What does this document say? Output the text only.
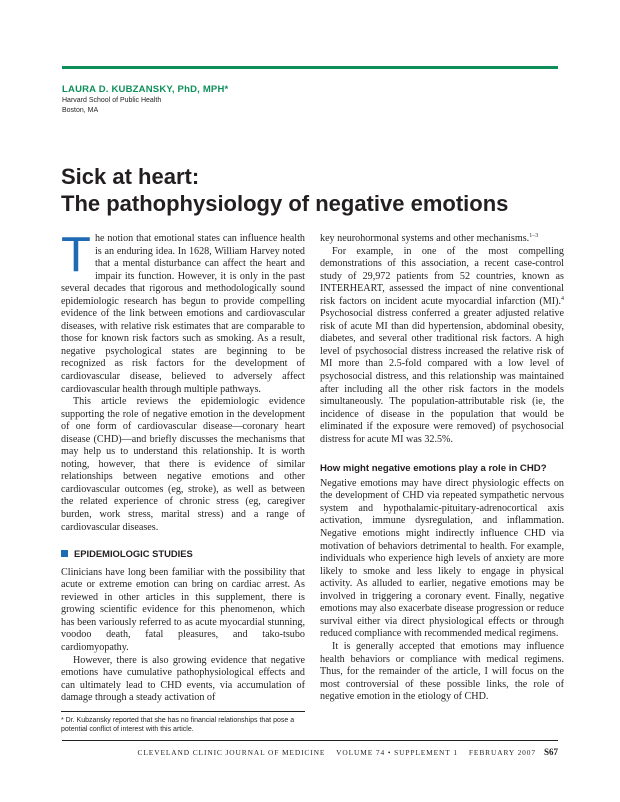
LAURA D. KUBZANSKY, PhD, MPH*
Harvard School of Public Health
Boston, MA
Sick at heart:
The pathophysiology of negative emotions

The notion that emotional states can influence health is an enduring idea. In 1628, William Harvey noted that a mental disturbance can affect the heart and impair its function. However, it is only in the past several decades that rigorous and methodologically sound epidemiologic research has begun to provide compelling evidence of the link between emotions and cardiovascular diseases, with relative risk estimates that are comparable to those for known risk factors such as smoking. As a result, negative psychological states are beginning to be recognized as risk factors for the development of cardiovascular disease, believed to adversely affect cardiovascular health through multiple pathways.

This article reviews the epidemiologic evidence supporting the role of negative emotion in the development of one form of cardiovascular disease—coronary heart disease (CHD)—and briefly discusses the mechanisms that may help us to understand this relationship. It is worth noting, however, that there is evidence of similar relationships between negative emotions and other cardiovascular outcomes (eg, stroke), as well as between the related experience of chronic stress (eg, caregiver burden, work stress, marital stress) and a range of cardiovascular diseases.

EPIDEMIOLOGIC STUDIES

Clinicians have long been familiar with the possibility that acute or extreme emotion can bring on cardiac arrest. As reviewed in other articles in this supplement, there is growing scientific evidence for this phenomenon, which has been variously referred to as acute myocardial stunning, voodoo death, fatal pleasures, and tako-tsubo cardiomyopathy.

However, there is also growing evidence that negative emotions have cumulative pathophysiological effects and can ultimately lead to CHD events, via accumulation of damage through a steady activation of

key neurohormonal systems and other mechanisms.$^{1-3}$

For example, in one of the most compelling demonstrations of this association, a recent case-control study of 29,972 patients from 52 countries, known as INTERHEART, assessed the impact of nine conventional risk factors on incident acute myocardial infarction (MI).$^4$ Psychosocial distress conferred a greater adjusted relative risk of acute MI than did hypertension, abdominal obesity, diabetes, and several other traditional risk factors. A high level of psychosocial distress increased the relative risk of MI more than 2.5-fold compared with a low level of psychosocial distress, and this relationship was maintained after including all the other risk factors in the models simultaneously. The population-attributable risk (ie, the incidence of disease in the population that would be eliminated if the exposure were removed) of psychosocial distress for acute MI was 32.5%.

How might negative emotions play a role in CHD?

Negative emotions may have direct physiologic effects on the development of CHD via repeated sympathetic nervous system and hypothalamic-pituitary-adrenocortical axis activation, immune dysregulation, and inflammation. Negative emotions might indirectly influence CHD via motivation of behaviors detrimental to health. For example, individuals who experience high levels of anxiety are more likely to smoke and less likely to engage in physical activity. As alluded to earlier, negative emotions may be involved in triggering a coronary event. Finally, negative emotions may also exacerbate disease progression or reduce survival either via direct physiological effects or through reduced compliance with recommended medical regimens.

It is generally accepted that emotions may influence health behaviors or compliance with medical regimens. Thus, for the remainder of the article, I will focus on the most controversial of these possible links, the role of negative emotion in the etiology of CHD.

* Dr. Kubzansky reported that she has no financial relationships that pose a potential conflict of interest with this article.
CLEVELAND CLINIC JOURNAL OF MEDICINE    VOLUME 74 • SUPPLEMENT 1    FEBRUARY 2007 S67
